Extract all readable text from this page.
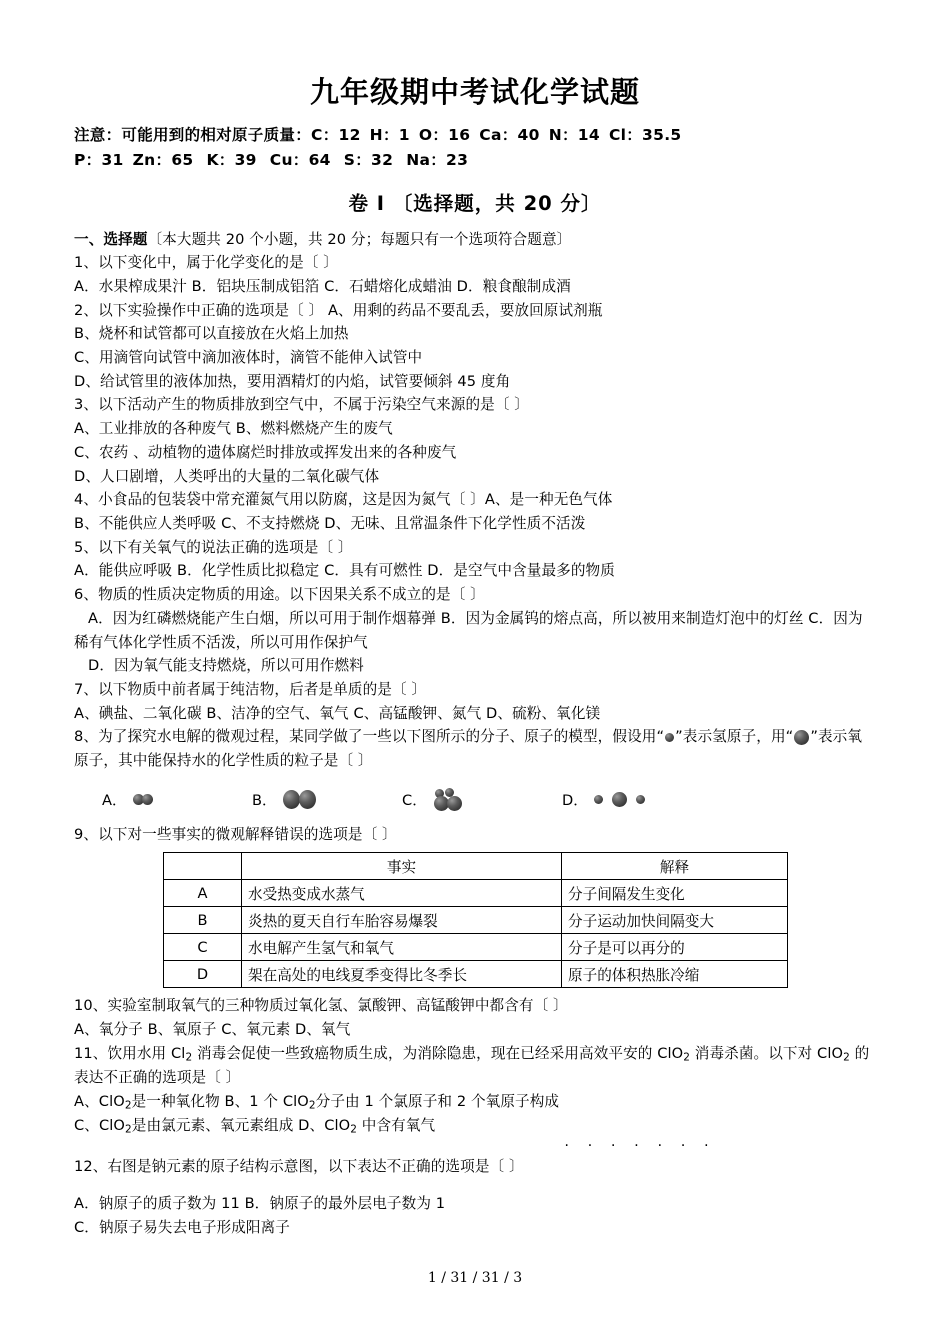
九年级期中考试化学试题
注意：可能用到的相对原子质量：C：12 H：1 O：16 Ca：40 N：14 Cl：35.5
P：31 Zn：65 K：39 Cu：64 S：32 Na：23
卷 I 〔选择题，共 20 分〕
一、选择题〔本大题共 20 个小题，共 20 分；每题只有一个选项符合题意〕
1、以下变化中，属于化学变化的是〔 〕
A．水果榨成果汁 B．铝块压制成铝箔 C．石蜡熔化成蜡油 D．粮食酿制成酒
2、以下实验操作中正确的选项是〔 〕 A、用剩的药品不要乱丢，要放回原试剂瓶
B、烧杯和试管都可以直接放在火焰上加热
C、用滴管向试管中滴加液体时，滴管不能伸入试管中
D、给试管里的液体加热，要用酒精灯的内焰，试管要倾斜 45 度角
3、以下活动产生的物质排放到空气中，不属于污染空气来源的是〔 〕
A、工业排放的各种废气 B、燃料燃烧产生的废气
C、农药 、动植物的遗体腐烂时排放或挥发出来的各种废气
D、人口剧增，人类呼出的大量的二氧化碳气体
4、小食品的包装袋中常充灌氮气用以防腐，这是因为氮气〔 〕A、是一种无色气体
B、不能供应人类呼吸 C、不支持燃烧 D、无味、且常温条件下化学性质不活泼
5、以下有关氧气的说法正确的选项是〔 〕
A．能供应呼吸 B．化学性质比拟稳定 C．具有可燃性 D．是空气中含量最多的物质
6、物质的性质决定物质的用途。以下因果关系不成立的是〔 〕
A．因为红磷燃烧能产生白烟，所以可用于制作烟幕弹 B．因为金属钨的熔点高，所以被用来制造灯泡中的灯丝 C．因为稀有气体化学性质不活泼，所以可用作保护气
D．因为氧气能支持燃烧，所以可用作燃料
7、以下物质中前者属于纯洁物，后者是单质的是〔 〕
A、碘盐、二氧化碳 B、洁净的空气、氧气 C、高锰酸钾、氮气 D、硫粉、氧化镁
8、为了探究水电解的微观过程，某同学做了一些以下图所示的分子、原子的模型，假设用“ ”表示氢原子，用“ ”表示氧原子，其中能保持水的化学性质的粒子是〔 〕
A．	B．	C．	D．
9、以下对一些事实的微观解释错误的选项是〔 〕
	事实	解释
A	水受热变成水蒸气	分子间隔发生变化
B	炎热的夏天自行车胎容易爆裂	分子运动加快间隔变大
C	水电解产生氢气和氧气	分子是可以再分的
D	架在高处的电线夏季变得比冬季长	原子的体积热胀冷缩
10、实验室制取氧气的三种物质过氧化氢、氯酸钾、高锰酸钾中都含有〔 〕
A、氧分子 B、氧原子 C、氧元素 D、氧气
11、饮用水用 $Cl_2$ 消毒会促使一些致癌物质生成，为消除隐患，现在已经采用高效平安的 ClO$_2$ 消毒杀菌。以下对 ClO$_2$ 的表达不正确的选项是〔 〕
A、ClO$_2$是一种氧化物 B、1 个 ClO$_2$分子由 1 个氯原子和 2 个氧原子构成
C、ClO$_2$是由氯元素、氧元素组成 D、ClO$_2$ 中含有氧气
· · · · · · ·
12、右图是钠元素的原子结构示意图，以下表达不正确的选项是〔 〕
A．钠原子的质子数为 11 B．钠原子的最外层电子数为 1
C．钠原子易失去电子形成阳离子
1 / 31 / 31 / 3
